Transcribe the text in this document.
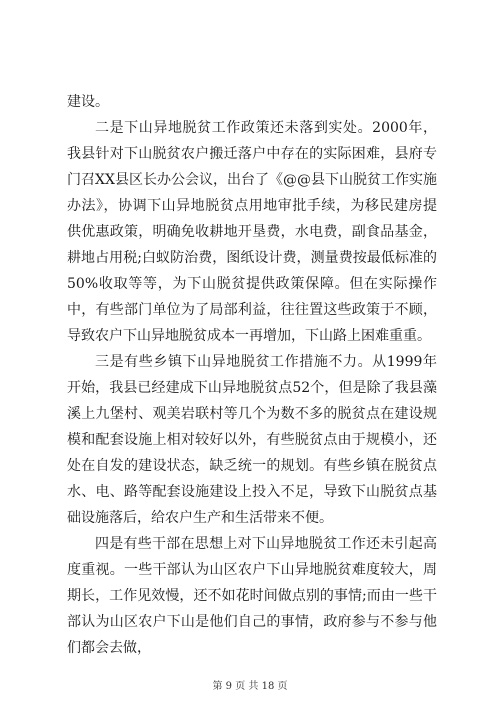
建设。

二是下山异地脱贫工作政策还未落到实处。2000年，我县针对下山脱贫农户搬迁落户中存在的实际困难，县府专门召XX县区长办公会议，出台了《@@县下山脱贫工作实施办法》，协调下山异地脱贫点用地审批手续，为移民建房提供优惠政策，明确免收耕地开垦费，水电费，副食品基金，耕地占用税;白蚁防治费，图纸设计费，测量费按最低标准的50%收取等等，为下山脱贫提供政策保障。但在实际操作中，有些部门单位为了局部利益，往往置这些政策于不顾，导致农户下山异地脱贫成本一再增加，下山路上困难重重。

三是有些乡镇下山异地脱贫工作措施不力。从1999年开始，我县已经建成下山异地脱贫点52个，但是除了我县藻溪上九堡村、观美岩联村等几个为数不多的脱贫点在建设规模和配套设施上相对较好以外，有些脱贫点由于规模小，还处在自发的建设状态，缺乏统一的规划。有些乡镇在脱贫点水、电、路等配套设施建设上投入不足，导致下山脱贫点基础设施落后，给农户生产和生活带来不便。

四是有些干部在思想上对下山异地脱贫工作还未引起高度重视。一些干部认为山区农户下山异地脱贫难度较大，周期长，工作见效慢，还不如花时间做点别的事情;而由一些干部认为山区农户下山是他们自己的事情，政府参与不参与他们都会去做，

第 9 页 共 18 页
